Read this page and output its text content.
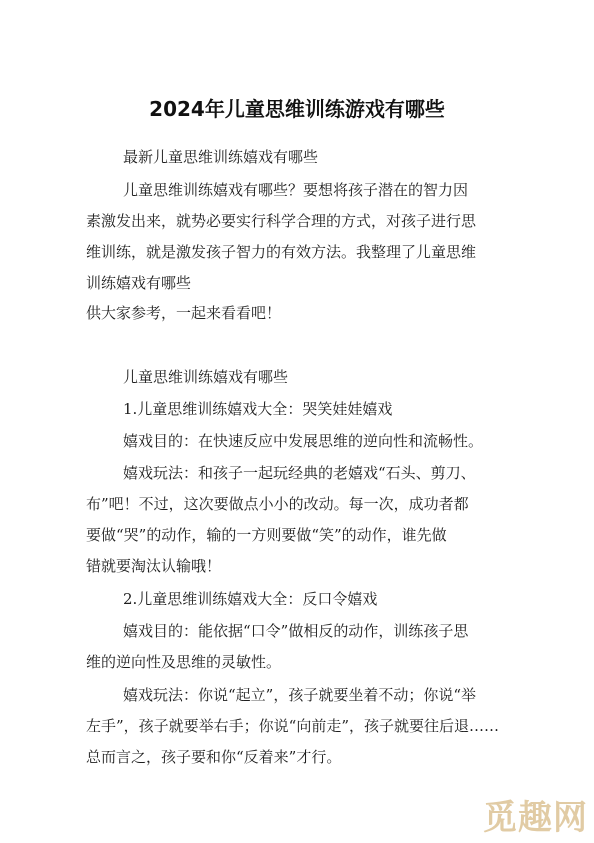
2024年儿童思维训练游戏有哪些
最新儿童思维训练嬉戏有哪些
儿童思维训练嬉戏有哪些？要想将孩子潜在的智力因
素激发出来，就势必要实行科学合理的方式，对孩子进行思
维训练，就是激发孩子智力的有效方法。我整理了儿童思维
训练嬉戏有哪些
供大家参考，一起来看看吧！
儿童思维训练嬉戏有哪些
1.儿童思维训练嬉戏大全：哭笑娃娃嬉戏
嬉戏目的：在快速反应中发展思维的逆向性和流畅性。
嬉戏玩法：和孩子一起玩经典的老嬉戏“石头、剪刀、
布”吧！不过，这次要做点小小的改动。每一次，成功者都
要做“哭”的动作，输的一方则要做“笑”的动作，谁先做
错就要淘汰认输哦！
2.儿童思维训练嬉戏大全：反口令嬉戏
嬉戏目的：能依据“口令”做相反的动作，训练孩子思
维的逆向性及思维的灵敏性。
嬉戏玩法：你说“起立”，孩子就要坐着不动；你说“举
左手”，孩子就要举右手；你说“向前走”，孩子就要往后退……
总而言之，孩子要和你“反着来”才行。
觅趣网
